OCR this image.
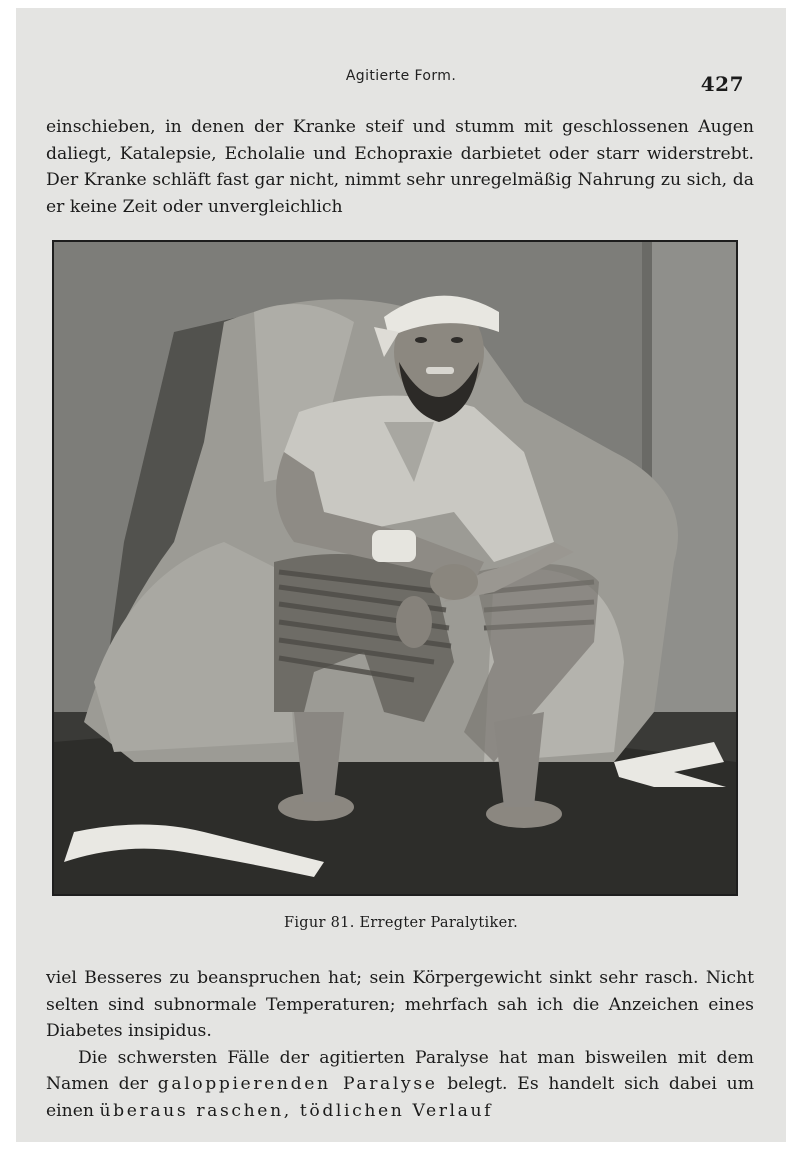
Agitierte Form.	427

einschieben, in denen der Kranke steif und stumm mit geschlossenen Augen daliegt, Katalepsie, Echolalie und Echopraxie darbietet oder starr widerstrebt. Der Kranke schläft fast gar nicht, nimmt sehr unregelmäßig Nahrung zu sich, da er keine Zeit oder unvergleichlich

Figur 81. Erregter Paralytiker.

viel Besseres zu beanspruchen hat; sein Körpergewicht sinkt sehr rasch. Nicht selten sind subnormale Temperaturen; mehrfach sah ich die Anzeichen eines Diabetes insipidus.

Die schwersten Fälle der agitierten Paralyse hat man bisweilen mit dem Namen der galoppierenden Paralyse belegt. Es handelt sich dabei um einen überaus raschen, tödlichen Verlauf
